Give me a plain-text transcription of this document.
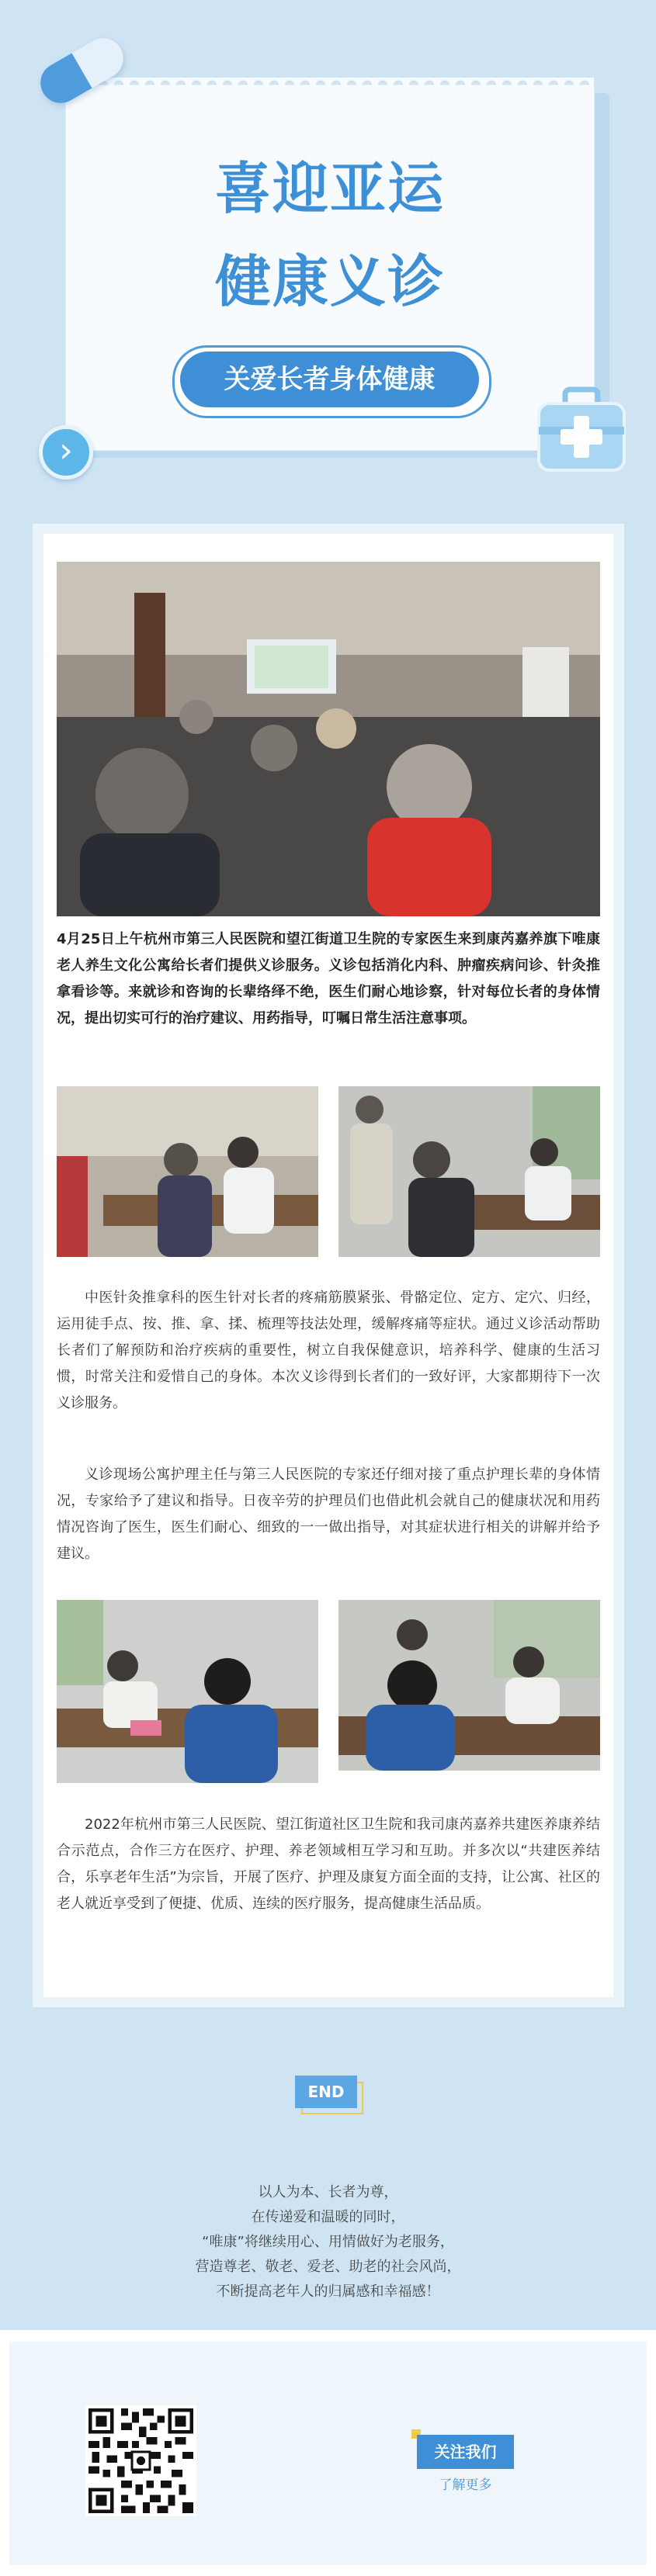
喜迎亚运
健康义诊
关爱长者身体健康
›
4月25日上午杭州市第三人民医院和望江街道卫生院的专家医生来到康芮嘉养旗下唯康老人养生文化公寓给长者们提供义诊服务。义诊包括消化内科、肿瘤疾病问诊、针灸推拿看诊等。来就诊和咨询的长辈络绎不绝，医生们耐心地诊察，针对每位长者的身体情况，提出切实可行的治疗建议、用药指导，叮嘱日常生活注意事项。
中医针灸推拿科的医生针对长者的疼痛筋膜紧张、骨骼定位、定方、定穴、归经，运用徒手点、按、推、拿、揉、梳理等技法处理，缓解疼痛等症状。通过义诊活动帮助长者们了解预防和治疗疾病的重要性，树立自我保健意识，培养科学、健康的生活习惯，时常关注和爱惜自己的身体。本次义诊得到长者们的一致好评，大家都期待下一次义诊服务。
义诊现场公寓护理主任与第三人民医院的专家还仔细对接了重点护理长辈的身体情况，专家给予了建议和指导。日夜辛劳的护理员们也借此机会就自己的健康状况和用药情况咨询了医生，医生们耐心、细致的一一做出指导，对其症状进行相关的讲解并给予建议。
2022年杭州市第三人民医院、望江街道社区卫生院和我司康芮嘉养共建医养康养结合示范点，合作三方在医疗、护理、养老领域相互学习和互助。并多次以“共建医养结合，乐享老年生活”为宗旨，开展了医疗、护理及康复方面全面的支持，让公寓、社区的老人就近享受到了便捷、优质、连续的医疗服务，提高健康生活品质。
END
以人为本、长者为尊，
在传递爱和温暖的同时，
“唯康”将继续用心、用情做好为老服务，
营造尊老、敬老、爱老、助老的社会风尚，
不断提高老年人的归属感和幸福感！
关注我们
了解更多
